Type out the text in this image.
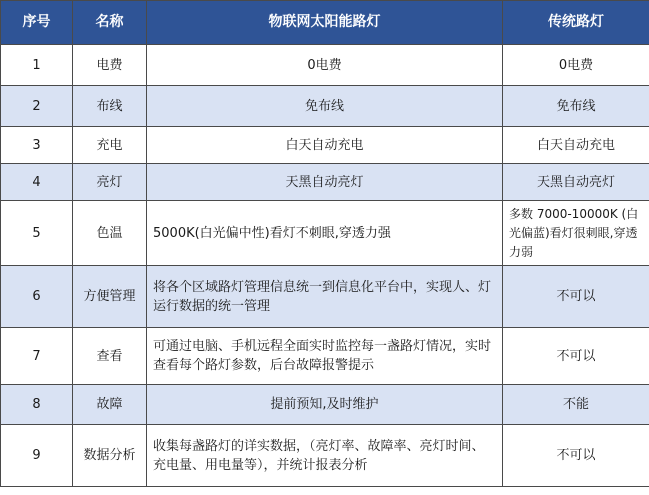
序号	名称	物联网太阳能路灯	传统路灯
1	电费	0电费	0电费
2	布线	免布线	免布线
3	充电	白天自动充电	白天自动充电
4	亮灯	天黑自动亮灯	天黑自动亮灯
5	色温	5000K(白光偏中性)看灯不刺眼,穿透力强	多数 7000-10000K (白光偏蓝)看灯很刺眼,穿透力弱
6	方便管理	将各个区域路灯管理信息统一到信息化平台中，实现人、灯运行数据的统一管理	不可以
7	查看	可通过电脑、手机远程全面实时监控每一盏路灯情况，实时查看每个路灯参数，后台故障报警提示	不可以
8	故障	提前预知,及时维护	不能
9	数据分析	收集每盏路灯的详实数据，（亮灯率、故障率、亮灯时间、充电量、用电量等），并统计报表分析	不可以
